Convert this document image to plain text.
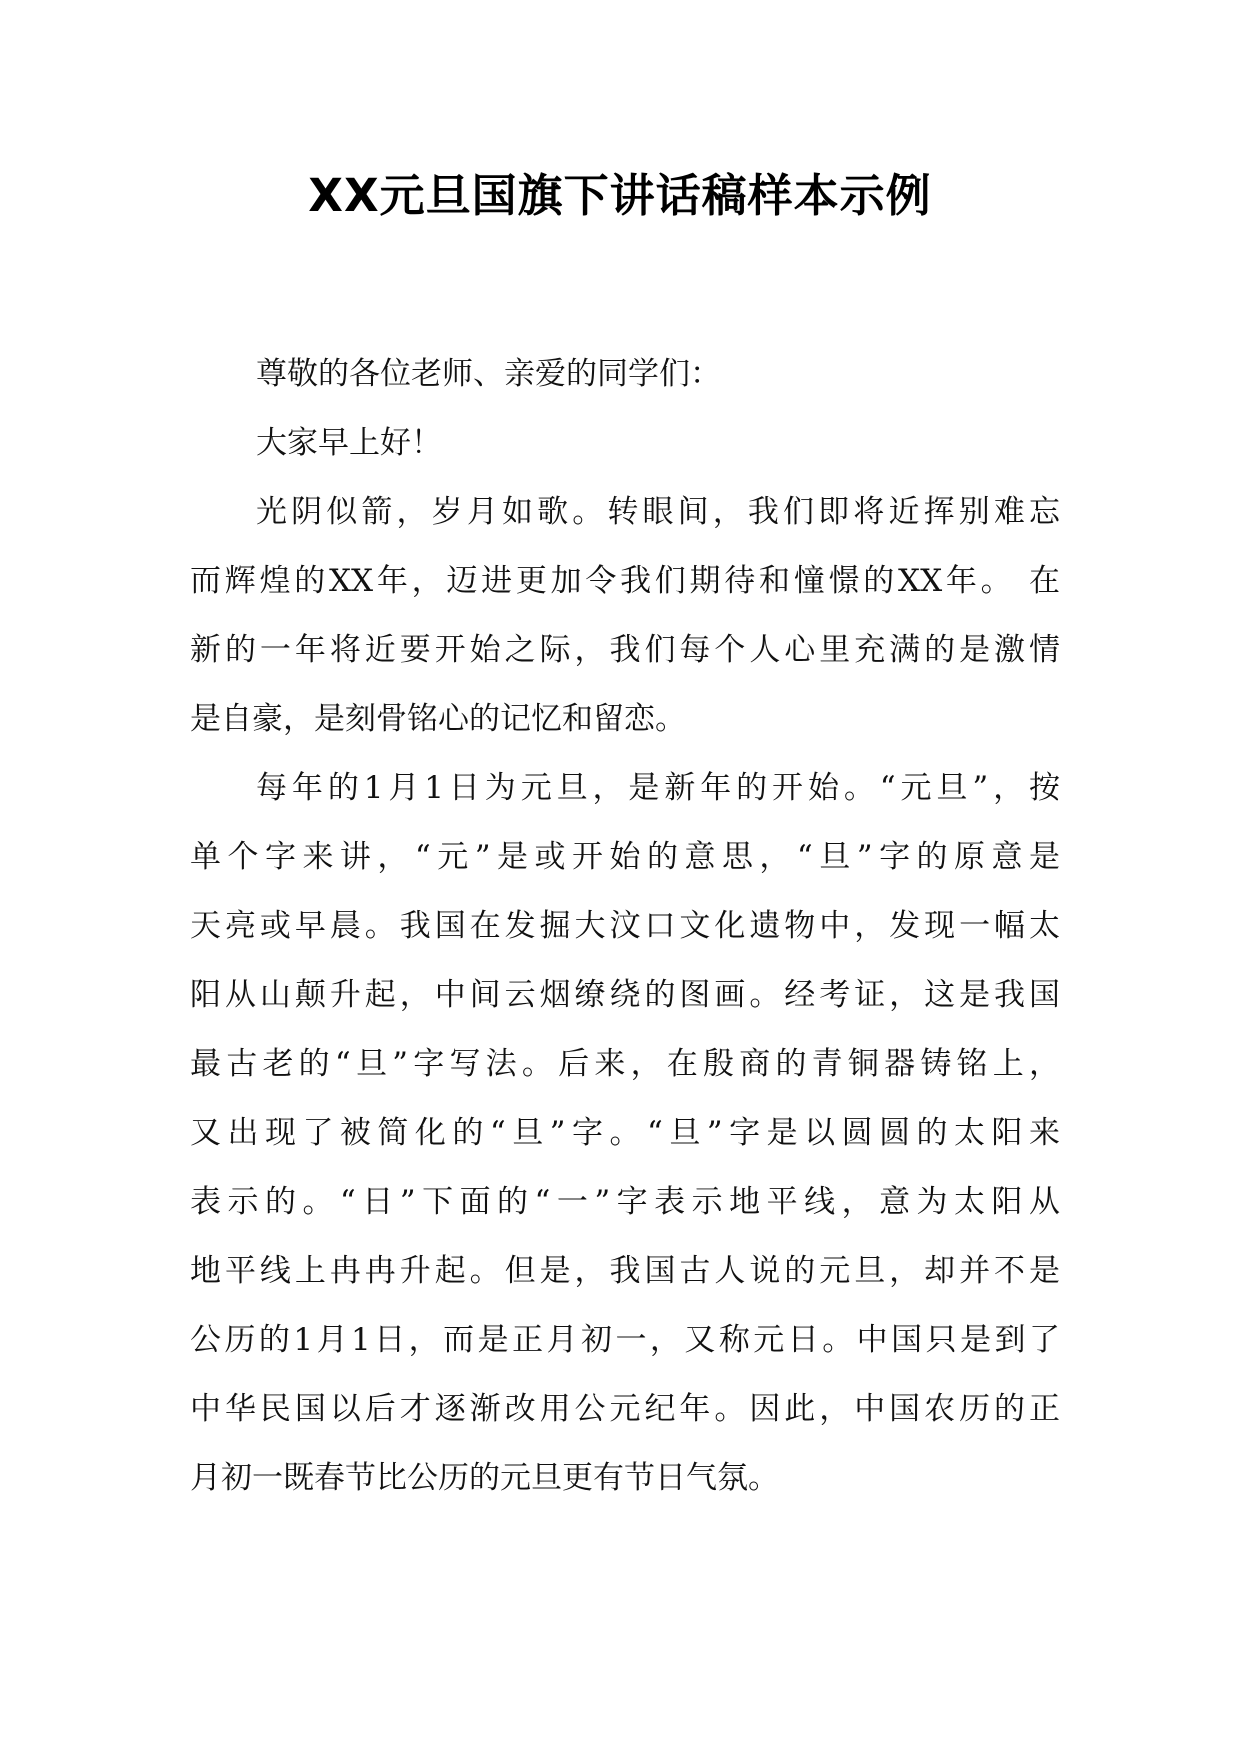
XX元旦国旗下讲话稿样本示例
尊敬的各位老师、亲爱的同学们：
大家早上好！
光阴似箭，岁月如歌。转眼间，我们即将近挥别难忘
而辉煌的XX年，迈进更加令我们期待和憧憬的XX年。 在
新的一年将近要开始之际，我们每个人心里充满的是激情
是自豪，是刻骨铭心的记忆和留恋。
每年的1月1日为元旦，是新年的开始。“元旦”，按
单个字来讲，“元”是或开始的意思，“旦”字的原意是
天亮或早晨。我国在发掘大汶口文化遗物中，发现一幅太
阳从山颠升起，中间云烟缭绕的图画。经考证，这是我国
最古老的“旦”字写法。后来，在殷商的青铜器铸铭上，
又出现了被简化的“旦”字。“旦”字是以圆圆的太阳来
表示的。“日”下面的“一”字表示地平线，意为太阳从
地平线上冉冉升起。但是，我国古人说的元旦，却并不是
公历的1月1日，而是正月初一，又称元日。中国只是到了
中华民国以后才逐渐改用公元纪年。因此，中国农历的正
月初一既春节比公历的元旦更有节日气氛。
